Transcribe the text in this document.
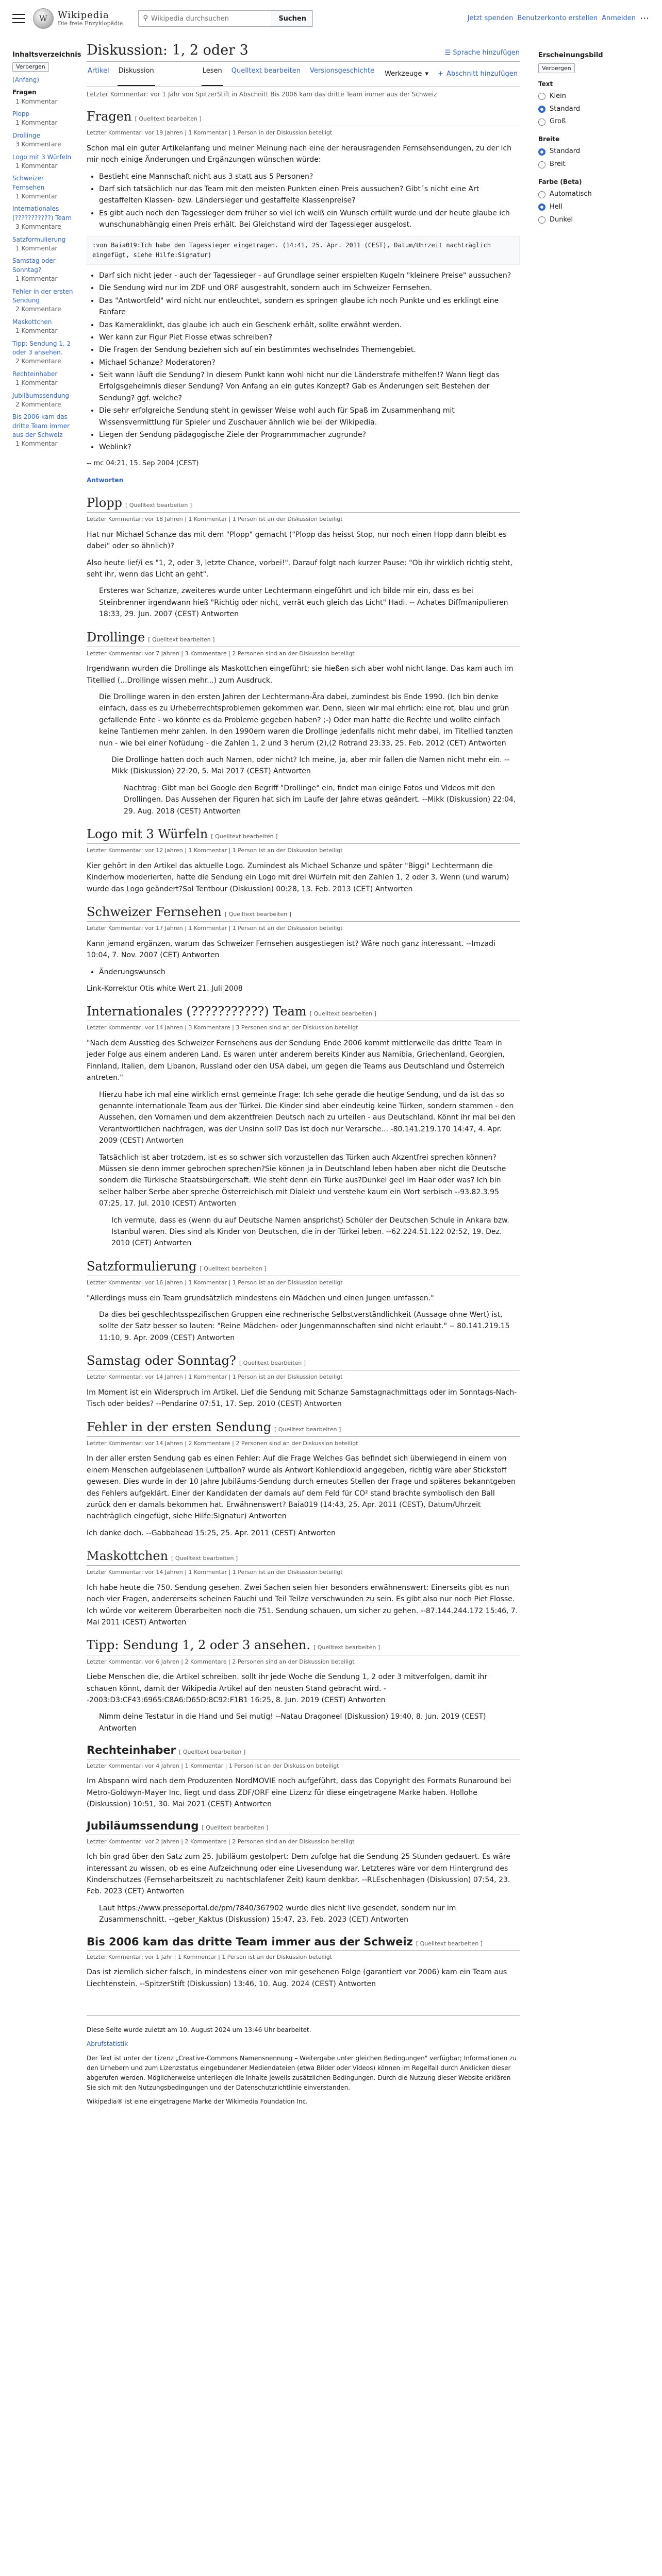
W	Wikipedia
Die freie Enzyklopädie
⚲
Wikipedia durchsuchen	Suchen	Jetzt spenden Benutzerkonto erstellen Anmelden ⋯
Inhaltsverzeichnis
Verbergen
(Anfang)
Fragen
1 Kommentar
Plopp
1 Kommentar
Drollinge
3 Kommentare
Logo mit 3 Würfeln
1 Kommentar
Schweizer Fernsehen
1 Kommentar
Internationales (???????????) Team
3 Kommentare
Satzformulierung
1 Kommentar
Samstag oder Sonntag?
1 Kommentar
Fehler in der ersten Sendung
2 Kommentare
Maskottchen
1 Kommentar
Tipp: Sendung 1, 2 oder 3 ansehen.
2 Kommentare
Rechteinhaber
1 Kommentar
Jubiläumssendung
2 Kommentare
Bis 2006 kam das dritte Team immer aus der Schweiz
1 Kommentar
Diskussion: 1, 2 oder 3	☰ Sprache hinzufügen
Artikel Diskussion	Lesen Quelltext bearbeiten Versionsgeschichte	Werkzeuge ▾ + Abschnitt hinzufügen
Letzter Kommentar: vor 1 Jahr von SpitzerStift in Abschnitt Bis 2006 kam das dritte Team immer aus der Schweiz
Fragen [ Quelltext bearbeiten ]
Letzter Kommentar: vor 19 Jahren | 1 Kommentar | 1 Person in der Diskussion beteiligt

Schon mal ein guter Artikelanfang und meiner Meinung nach eine der herausragenden Fernsehsendungen, zu der ich mir noch einige Änderungen und Ergänzungen wünschen würde:

• Bestieht eine Mannschaft nicht aus 3 statt aus 5 Personen?
• Darf sich tatsächlich nur das Team mit den meisten Punkten einen Preis aussuchen? Gibt´s nicht eine Art gestaffelten Klassen- bzw. Ländersieger und gestaffelte Klassenpreise?
• Es gibt auch noch den Tagessieger dem früher so viel ich weiß ein Wunsch erfüllt wurde und der heute glaube ich wunschunabhängig einen Preis erhält. Bei Gleichstand wird der Tagessieger ausgelost.
:von Baia019:Ich habe den Tagessieger eingetragen. (14:41, 25. Apr. 2011 (CEST), Datum/Uhrzeit nachträglich eingefügt, siehe Hilfe:Signatur)
• Darf sich nicht jeder - auch der Tagessieger - auf Grundlage seiner erspielten Kugeln "kleinere Preise" aussuchen?
• Die Sendung wird nur im ZDF und ORF ausgestrahlt, sondern auch im Schweizer Fernsehen.
• Das "Antwortfeld" wird nicht nur entleuchtet, sondern es springen glaube ich noch Punkte und es erklingt eine Fanfare
• Das Kameraklinkt, das glaube ich auch ein Geschenk erhält, sollte erwähnt werden.
• Wer kann zur Figur Piet Flosse etwas schreiben?
• Die Fragen der Sendung beziehen sich auf ein bestimmtes wechselndes Themengebiet.
• Michael Schanze? Moderatoren?
• Seit wann läuft die Sendung? In diesem Punkt kann wohl nicht nur die Länderstrafe mithelfen!? Wann liegt das Erfolgsgeheimnis dieser Sendung? Von Anfang an ein gutes Konzept? Gab es Änderungen seit Bestehen der Sendung? ggf. welche?
• Die sehr erfolgreiche Sendung steht in gewisser Weise wohl auch für Spaß im Zusammenhang mit Wissensvermittlung für Spieler und Zuschauer ähnlich wie bei der Wikipedia.
• Liegen der Sendung pädagogische Ziele der Programmmacher zugrunde?
• Weblink?

-- mc 04:21, 15. Sep 2004 (CEST)

Antworten
Plopp [ Quelltext bearbeiten ]
Letzter Kommentar: vor 18 Jahren | 1 Kommentar | 1 Person ist an der Diskussion beteiligt

Hat nur Michael Schanze das mit dem "Plopp" gemacht ("Plopp das heisst Stop, nur noch einen Hopp dann bleibt es dabei" oder so ähnlich)?

Also heute lief/i es "1, 2, oder 3, letzte Chance, vorbei!". Darauf folgt nach kurzer Pause: "Ob ihr wirklich richtig steht, seht ihr, wenn das Licht an geht".

Ersteres war Schanze, zweiteres wurde unter Lechtermann eingeführt und ich bilde mir ein, dass es bei Steinbrenner irgendwann hieß "Richtig oder nicht, verrät euch gleich das Licht" Hadi. -- Achates Diffmanipulieren 18:33, 29. Jun. 2007 (CEST) Antworten

Drollinge [ Quelltext bearbeiten ]
Letzter Kommentar: vor 7 Jahren | 3 Kommentare | 2 Personen sind an der Diskussion beteiligt

Irgendwann wurden die Drollinge als Maskottchen eingeführt; sie hießen sich aber wohl nicht lange. Das kam auch im Titellied (...Drollinge wissen mehr...) zum Ausdruck.

Die Drollinge waren in den ersten Jahren der Lechtermann-Ära dabei, zumindest bis Ende 1990. (Ich bin denke einfach, dass es zu Urheberrechtsproblemen gekommen war. Denn, sieen wir mal ehrlich: eine rot, blau und grün gefallende Ente - wo könnte es da Probleme gegeben haben? ;-) Oder man hatte die Rechte und wollte einfach keine Tantiemen mehr zahlen. In den 1990ern waren die Drollinge jedenfalls nicht mehr dabei, im Titellied tanzten nun - wie bei einer Nofüdung - die Zahlen 1, 2 und 3 herum (2),(2 Rotrand 23:33, 25. Feb. 2012 (CET) Antworten

Die Drollinge hatten doch auch Namen, oder nicht? Ich meine, ja, aber mir fallen die Namen nicht mehr ein. --Mikk (Diskussion) 22:20, 5. Mai 2017 (CEST) Antworten

Nachtrag: Gibt man bei Google den Begriff "Drollinge" ein, findet man einige Fotos und Videos mit den Drollingen. Das Aussehen der Figuren hat sich im Laufe der Jahre etwas geändert. --Mikk (Diskussion) 22:04, 29. Aug. 2018 (CEST) Antworten

Logo mit 3 Würfeln [ Quelltext bearbeiten ]
Letzter Kommentar: vor 12 Jahren | 1 Kommentar | 1 Person ist an der Diskussion beteiligt

Kier gehört in den Artikel das aktuelle Logo. Zumindest als Michael Schanze und später "Biggi" Lechtermann die Kinderhow moderierten, hatte die Sendung ein Logo mit drei Würfeln mit den Zahlen 1, 2 oder 3. Wenn (und warum) wurde das Logo geändert?Sol Tentbour (Diskussion) 00:28, 13. Feb. 2013 (CET) Antworten

Schweizer Fernsehen [ Quelltext bearbeiten ]
Letzter Kommentar: vor 17 Jahren | 1 Kommentar | 1 Person ist an der Diskussion beteiligt

Kann jemand ergänzen, warum das Schweizer Fernsehen ausgestiegen ist? Wäre noch ganz interessant. --Imzadi 10:04, 7. Nov. 2007 (CET) Antworten

• Änderungswunsch

Link-Korrektur Otis white Wert 21. Juli 2008

Internationales (???????????) Team [ Quelltext bearbeiten ]
Letzter Kommentar: vor 14 Jahren | 3 Kommentare | 3 Personen sind an der Diskussion beteiligt

"Nach dem Ausstieg des Schweizer Fernsehens aus der Sendung Ende 2006 kommt mittlerweile das dritte Team in jeder Folge aus einem anderen Land. Es waren unter anderem bereits Kinder aus Namibia, Griechenland, Georgien, Finnland, Italien, dem Libanon, Russland oder den USA dabei, um gegen die Teams aus Deutschland und Österreich antreten."

Hierzu habe ich mal eine wirklich ernst gemeinte Frage: Ich sehe gerade die heutige Sendung, und da ist das so genannte internationale Team aus der Türkei. Die Kinder sind aber eindeutig keine Türken, sondern stammen - den Aussehen, den Vornamen und dem akzentfreien Deutsch nach zu urteilen - aus Deutschland. Könnt ihr mal bei den Verantwortlichen nachfragen, was der Unsinn soll? Das ist doch nur Verarsche... -80.141.219.170 14:47, 4. Apr. 2009 (CEST) Antworten

Tatsächlich ist aber trotzdem, ist es so schwer sich vorzustellen das Türken auch Akzentfrei sprechen können?Müssen sie denn immer gebrochen sprechen?Sie können ja in Deutschland leben haben aber nicht die Deutsche sondern die Türkische Staatsbürgerschaft. Wie steht denn ein Türke aus?Dunkel geel im Haar oder was? Ich bin selber halber Serbe aber spreche Österreichisch mit Dialekt und verstehe kaum ein Wort serbisch --93.82.3.95 07:25, 17. Jul. 2010 (CEST) Antworten

Ich vermute, dass es (wenn du auf Deutsche Namen ansprichst) Schüler der Deutschen Schule in Ankara bzw. Istanbul waren. Dies sind als Kinder von Deutschen, die in der Türkei leben. --62.224.51.122 02:52, 19. Dez. 2010 (CET) Antworten

Satzformulierung [ Quelltext bearbeiten ]
Letzter Kommentar: vor 16 Jahren | 1 Kommentar | 1 Person ist an der Diskussion beteiligt

"Allerdings muss ein Team grundsätzlich mindestens ein Mädchen und einen Jungen umfassen."

Da dies bei geschlechtsspezifischen Gruppen eine rechnerische Selbstverständlichkeit (Aussage ohne Wert) ist, sollte der Satz besser so lauten: "Reine Mädchen- oder Jungenmannschaften sind nicht erlaubt." -- 80.141.219.15 11:10, 9. Apr. 2009 (CEST) Antworten

Samstag oder Sonntag? [ Quelltext bearbeiten ]
Letzter Kommentar: vor 14 Jahren | 1 Kommentar | 1 Person ist an der Diskussion beteiligt

Im Moment ist ein Widerspruch im Artikel. Lief die Sendung mit Schanze Samstagnachmittags oder im Sonntags-Nach-Tisch oder beides? --Pendarine 07:51, 17. Sep. 2010 (CEST) Antworten

Fehler in der ersten Sendung [ Quelltext bearbeiten ]
Letzter Kommentar: vor 14 Jahren | 2 Kommentare | 2 Personen sind an der Diskussion beteiligt

In der aller ersten Sendung gab es einen Fehler: Auf die Frage Welches Gas befindet sich überwiegend in einem von einem Menschen aufgeblasenen Luftballon? wurde als Antwort Kohlendioxid angegeben, richtig wäre aber Stickstoff gewesen. Dies wurde in der 10 Jahre Jubiläums-Sendung durch erneutes Stellen der Frage und späteres bekanntgeben des Fehlers aufgeklärt. Einer der Kandidaten der damals auf dem Feld für CO² stand brachte symbolisch den Ball zurück den er damals bekommen hat. Erwähnenswert? Baia019 (14:43, 25. Apr. 2011 (CEST), Datum/Uhrzeit nachträglich eingefügt, siehe Hilfe:Signatur) Antworten

Ich danke doch. --Gabbahead 15:25, 25. Apr. 2011 (CEST) Antworten

Maskottchen [ Quelltext bearbeiten ]
Letzter Kommentar: vor 14 Jahren | 1 Kommentar | 1 Person ist an der Diskussion beteiligt

Ich habe heute die 750. Sendung gesehen. Zwei Sachen seien hier besonders erwähnenswert: Einerseits gibt es nun noch vier Fragen, andererseits scheinen Fauchi und Teil Teilze verschwunden zu sein. Es gibt also nur noch Piet Flosse. Ich würde vor weiterem Überarbeiten noch die 751. Sendung schauen, um sicher zu gehen. --87.144.244.172 15:46, 7. Mai 2011 (CEST) Antworten

Tipp: Sendung 1, 2 oder 3 ansehen. [ Quelltext bearbeiten ]
Letzter Kommentar: vor 6 Jahren | 2 Kommentare | 2 Personen sind an der Diskussion beteiligt

Liebe Menschen die, die Artikel schreiben. sollt ihr jede Woche die Sendung 1, 2 oder 3 mitverfolgen, damit ihr schauen könnt, damit der Wikipedia Artikel auf den neusten Stand gebracht wird. --2003:D3:CF43:6965:C8A6:D65D:8C92:F1B1 16:25, 8. Jun. 2019 (CEST) Antworten

Nimm deine Testatur in die Hand und Sei mutig! --Natau Dragoneel (Diskussion) 19:40, 8. Jun. 2019 (CEST) Antworten

Rechteinhaber [ Quelltext bearbeiten ]
Letzter Kommentar: vor 4 Jahren | 1 Kommentar | 1 Person ist an der Diskussion beteiligt

Im Abspann wird nach dem Produzenten NordMOVIE noch aufgeführt, dass das Copyright des Formats Runaround bei Metro-Goldwyn-Mayer Inc. liegt und dass ZDF/ORF eine Lizenz für diese eingetragene Marke haben. Hollohe (Diskussion) 10:51, 30. Mai 2021 (CEST) Antworten

Jubiläumssendung [ Quelltext bearbeiten ]
Letzter Kommentar: vor 2 Jahren | 2 Kommentare | 2 Personen sind an der Diskussion beteiligt

Ich bin grad über den Satz zum 25. Jubiläum gestolpert: Dem zufolge hat die Sendung 25 Stunden gedauert. Es wäre interessant zu wissen, ob es eine Aufzeichnung oder eine Livesendung war. Letzteres wäre vor dem Hintergrund des Kinderschutzes (Fernseharbeitszeit zu nachtschlafener Zeit) kaum denkbar. --RLEschenhagen (Diskussion) 07:54, 23. Feb. 2023 (CET) Antworten

Laut https://www.presseportal.de/pm/7840/367902 wurde dies nicht live gesendet, sondern nur im Zusammenschnitt. --geber_Kaktus (Diskussion) 15:47, 23. Feb. 2023 (CET) Antworten

Bis 2006 kam das dritte Team immer aus der Schweiz [ Quelltext bearbeiten ]
Letzter Kommentar: vor 1 Jahr | 1 Kommentar | 1 Person ist an der Diskussion beteiligt

Das ist ziemlich sicher falsch, in mindestens einer von mir gesehenen Folge (garantiert vor 2006) kam ein Team aus Liechtenstein. --SpitzerStift (Diskussion) 13:46, 10. Aug. 2024 (CEST) Antworten

Erscheinungsbild
Verbergen
Text
Klein
Standard
Groß
Breite
Standard
Breit
Farbe (Beta)
Automatisch
Hell
Dunkel

Diese Seite wurde zuletzt am 10. August 2024 um 13:46 Uhr bearbeitet.

Abrufstatistik

Der Text ist unter der Lizenz „Creative-Commons Namensnennung – Weitergabe unter gleichen Bedingungen" verfügbar; Informationen zu den Urhebern und zum Lizenzstatus eingebundener Mediendateien (etwa Bilder oder Videos) können im Regelfall durch Anklicken dieser abgerufen werden. Möglicherweise unterliegen die Inhalte jeweils zusätzlichen Bedingungen. Durch die Nutzung dieser Website erklären Sie sich mit den Nutzungsbedingungen und der Datenschutzrichtlinie einverstanden.

Wikipedia® ist eine eingetragene Marke der Wikimedia Foundation Inc.
